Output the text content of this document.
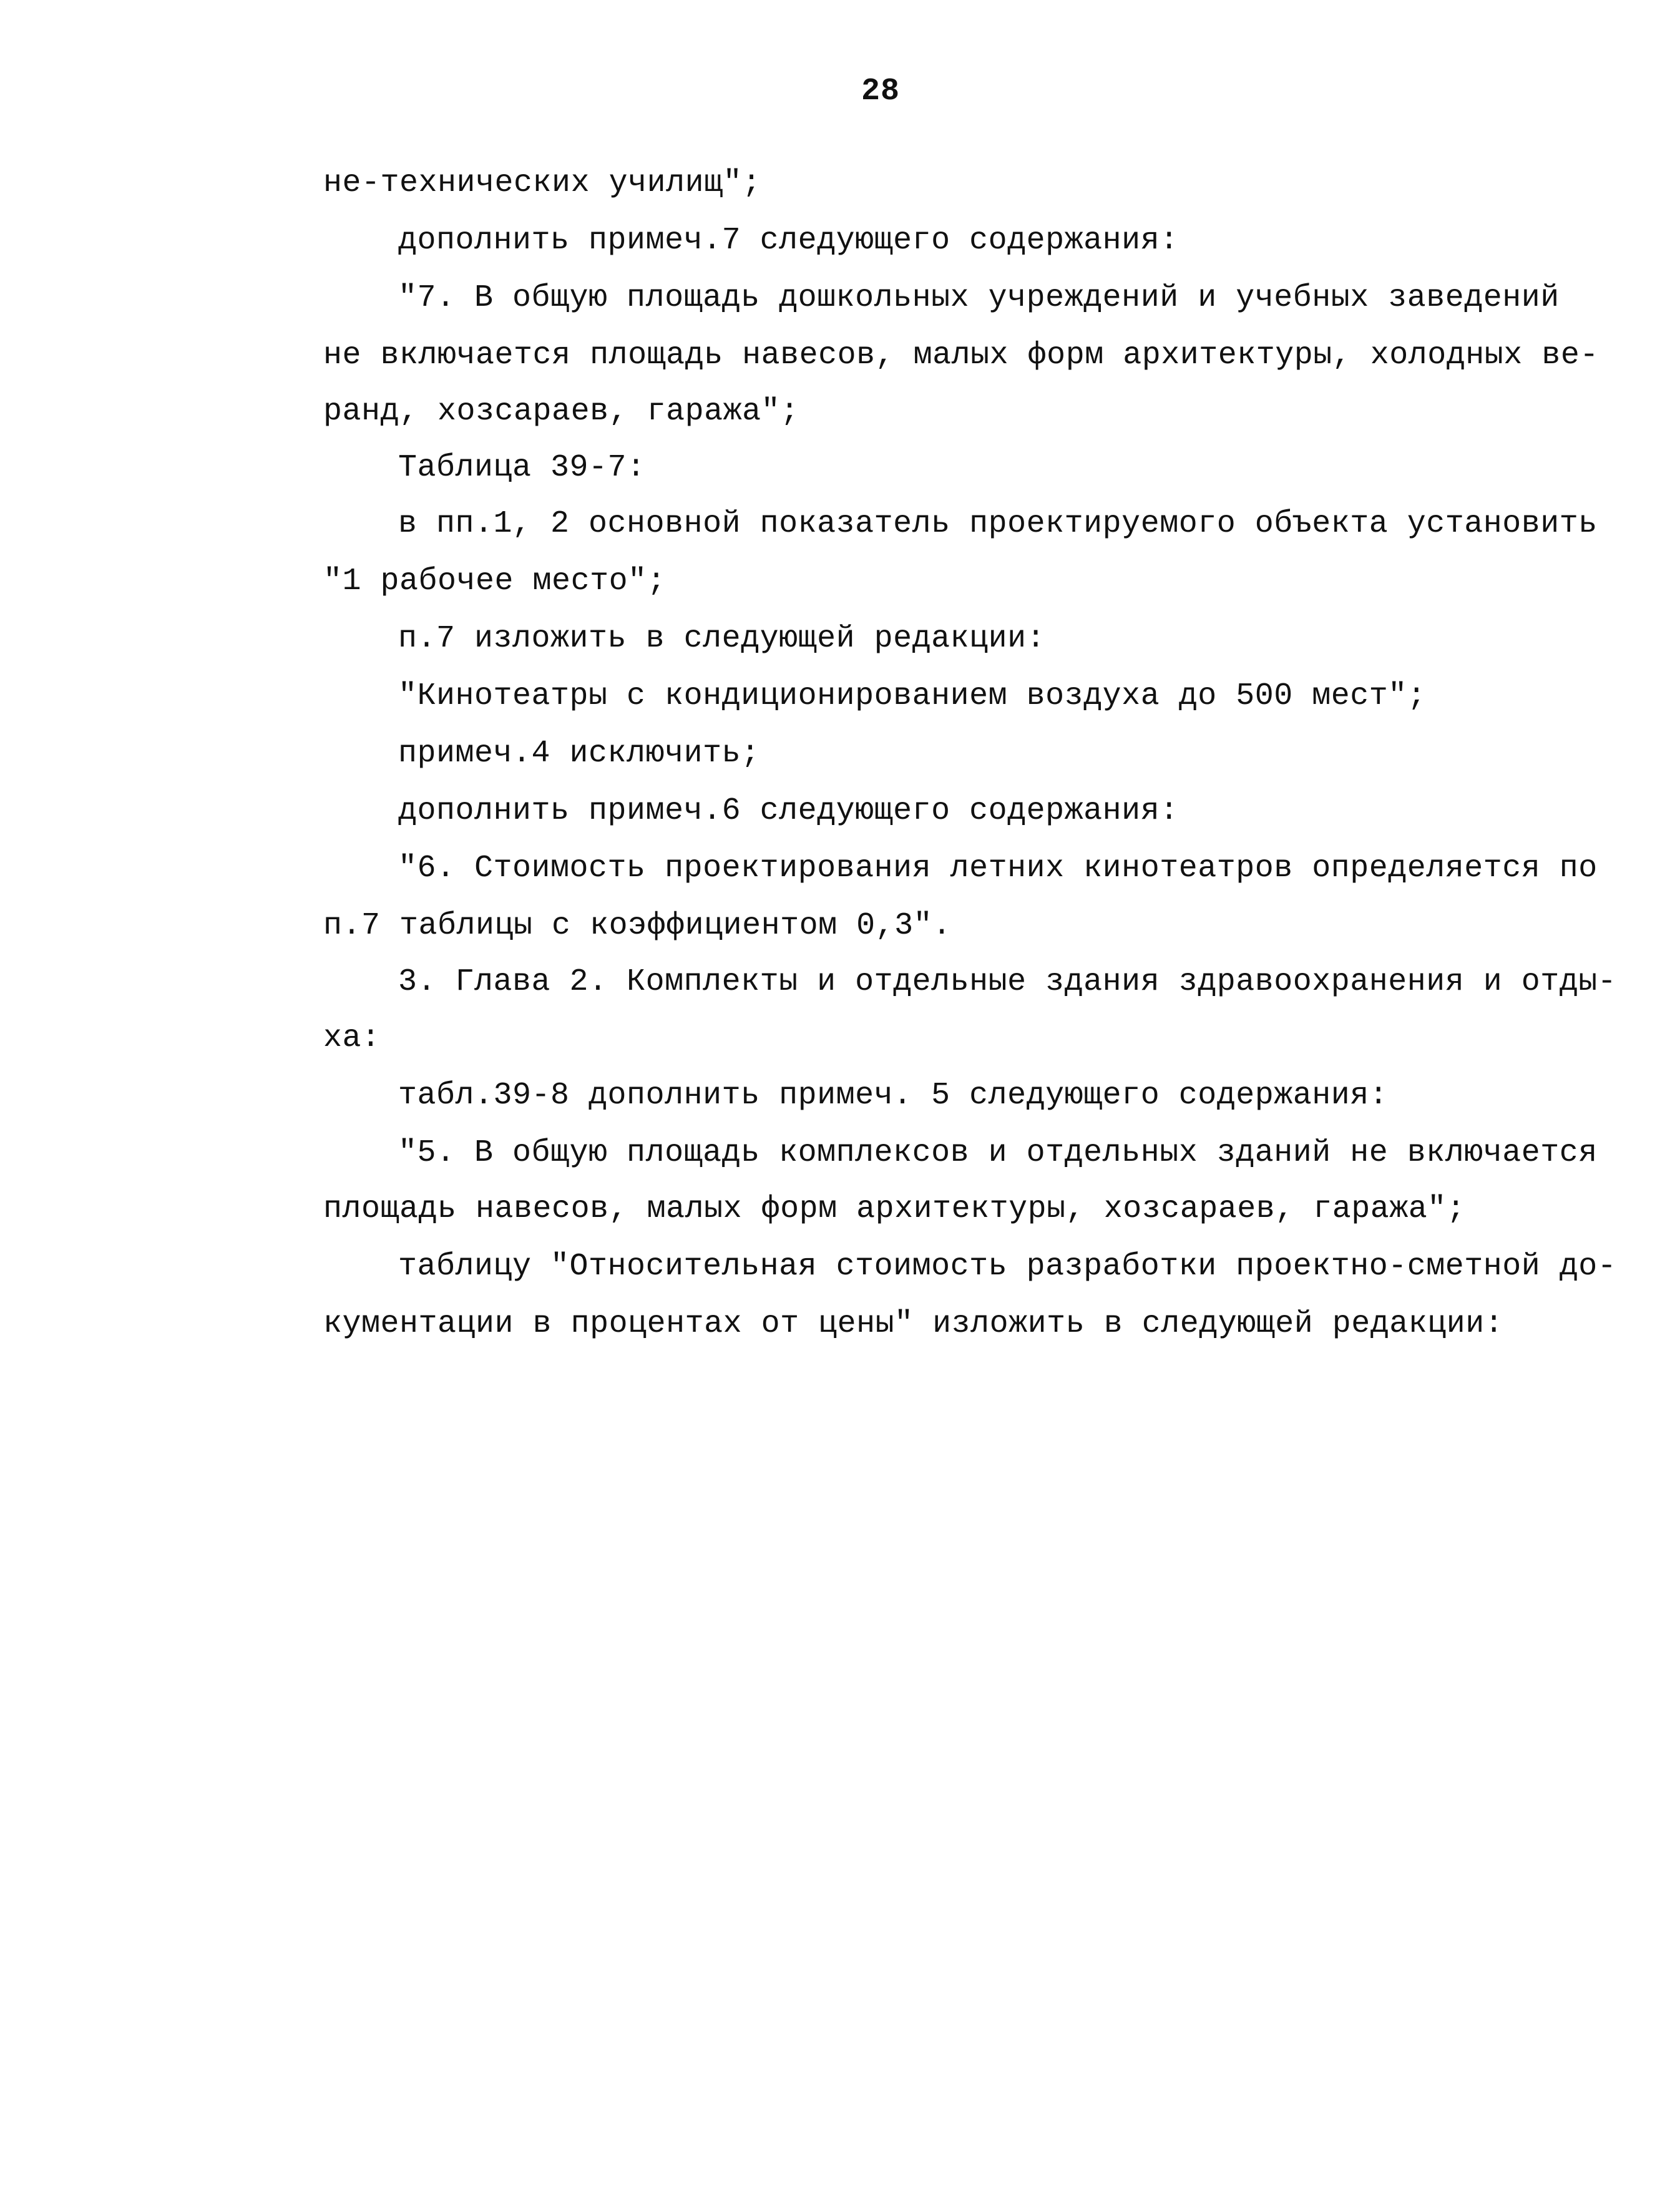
28
не-технических училищ";
дополнить примеч.7 следующего содержания:
"7. В общую площадь дошкольных учреждений и учебных заведений
не включается площадь навесов, малых форм архитектуры, холодных ве-
ранд, хозсараев, гаража";
Таблица 39-7:
в пп.1, 2 основной показатель проектируемого объекта установить
"1 рабочее место";
п.7 изложить в следующей редакции:
"Кинотеатры с кондиционированием воздуха до 500 мест";
примеч.4 исключить;
дополнить примеч.6 следующего содержания:
"6. Стоимость проектирования летних кинотеатров определяется по
п.7 таблицы с коэффициентом 0,3".
3. Глава 2. Комплекты и отдельные здания здравоохранения и отды-
ха:
табл.39-8 дополнить примеч. 5 следующего содержания:
"5. В общую площадь комплексов и отдельных зданий не включается
площадь навесов, малых форм архитектуры, хозсараев, гаража";
таблицу "Относительная стоимость разработки проектно-сметной до-
кументации в процентах от цены" изложить в следующей редакции:
